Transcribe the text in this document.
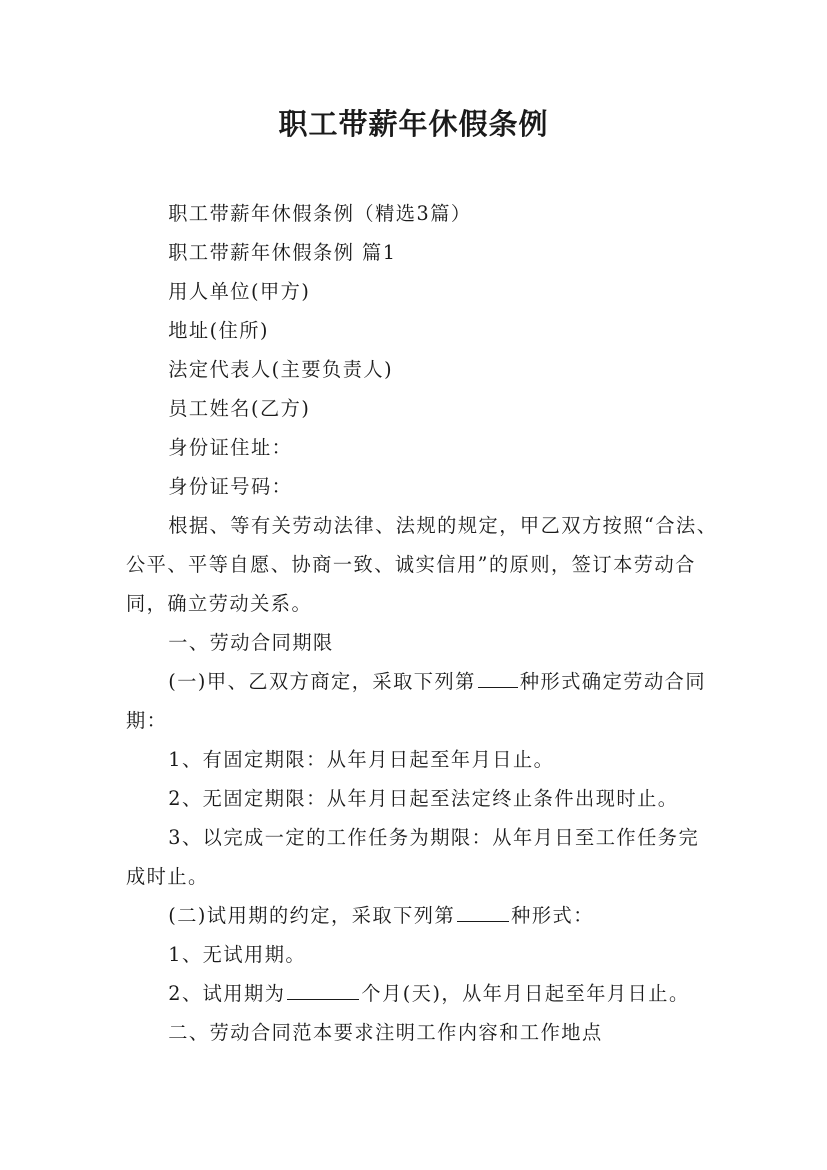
职工带薪年休假条例

职工带薪年休假条例（精选3篇）

职工带薪年休假条例 篇1

用人单位(甲方)

地址(住所)

法定代表人(主要负责人)

员工姓名(乙方)

身份证住址：

身份证号码：

根据、等有关劳动法律、法规的规定，甲乙双方按照“合法、公平、平等自愿、协商一致、诚实信用”的原则，签订本劳动合同，确立劳动关系。

一、劳动合同期限

(一)甲、乙双方商定，采取下列第 种形式确定劳动合同期：

1、有固定期限：从年月日起至年月日止。

2、无固定期限：从年月日起至法定终止条件出现时止。

3、以完成一定的工作任务为期限：从年月日至工作任务完成时止。

(二)试用期的约定，采取下列第	种形式：

1、无试用期。

2、试用期为	个月(天)，从年月日起至年月日止。

二、劳动合同范本要求注明工作内容和工作地点
